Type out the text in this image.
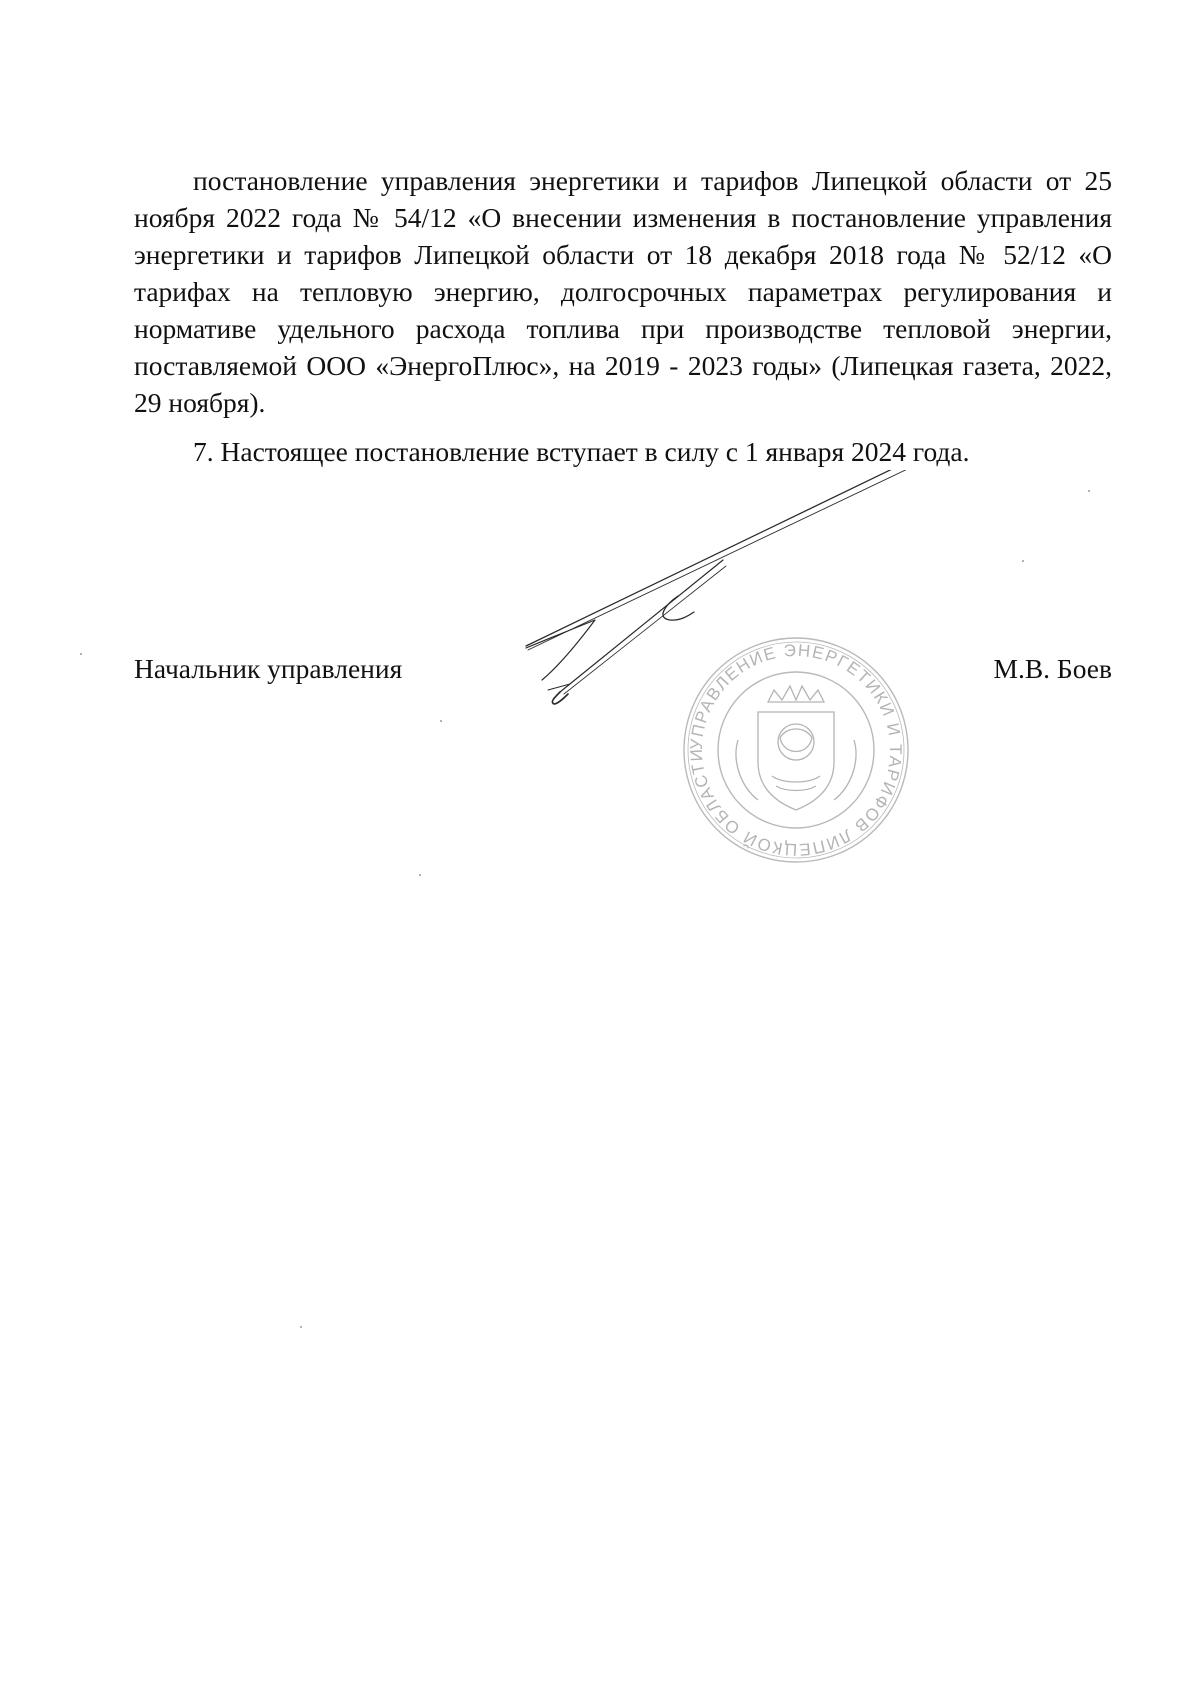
постановление управления энергетики и тарифов Липецкой области от 25 ноября 2022 года № 54/12 «О внесении изменения в постановление управления энергетики и тарифов Липецкой области от 18 декабря 2018 года № 52/12 «О тарифах на тепловую энергию, долгосрочных параметрах регулирования и нормативе удельного расхода топлива при производстве тепловой энергии, поставляемой ООО «ЭнергоПлюс», на 2019 - 2023 годы» (Липецкая газета, 2022, 29 ноября).

7. Настоящее постановление вступает в силу с 1 января 2024 года.

Начальник управления	М.В. Боев

УПРАВЛЕНИЕ ЭНЕРГЕТИКИ И ТАРИФОВ ЛИПЕЦКОЙ ОБЛАСТИ
